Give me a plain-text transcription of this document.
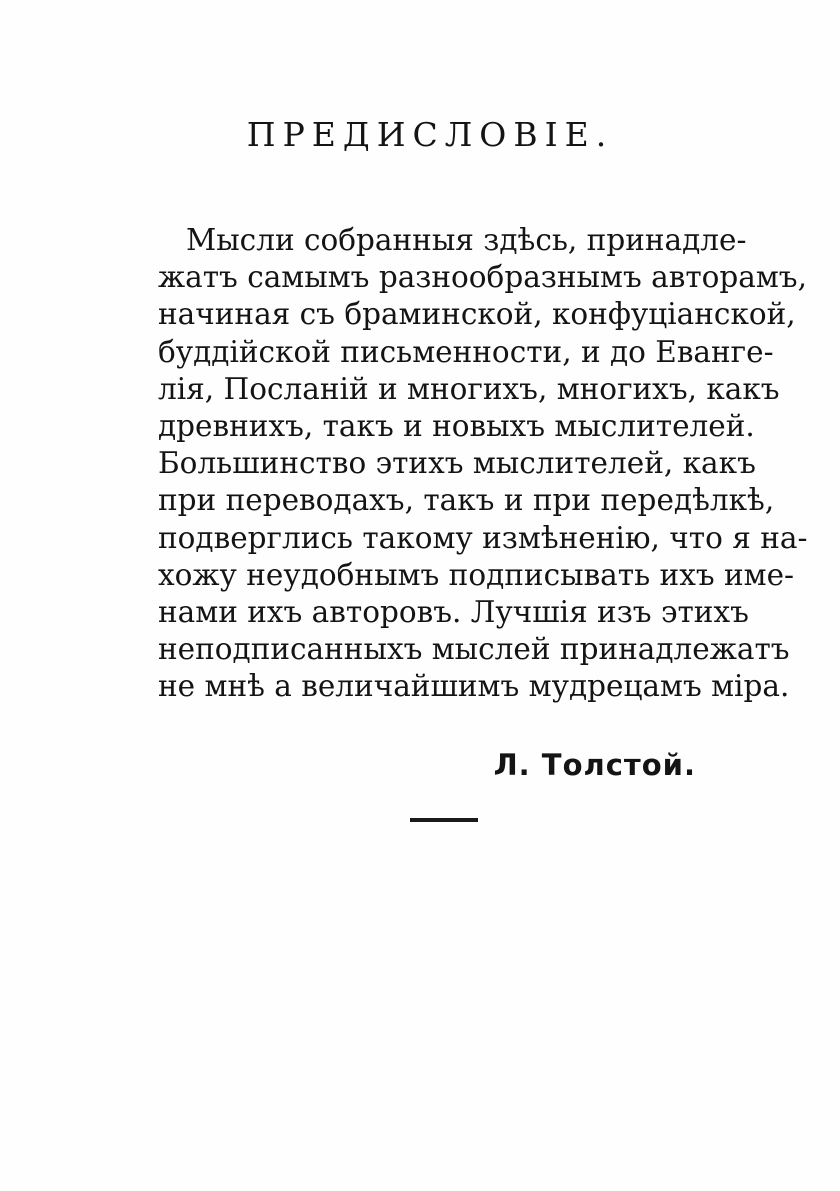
ПРЕДИСЛОВІЕ.
Мысли собранныя здѣсь, принадле-
жатъ самымъ разнообразнымъ авторамъ,
начиная съ браминской, конфуціанской,
буддійской письменности, и до Еванге-
лія, Посланій и многихъ, многихъ, какъ
древнихъ, такъ и новыхъ мыслителей.
Большинство этихъ мыслителей, какъ
при переводахъ, такъ и при передѣлкѣ,
подверглись такому измѣненію, что я на-
хожу неудобнымъ подписывать ихъ име-
нами ихъ авторовъ. Лучшія изъ этихъ
неподписанныхъ мыслей принадлежатъ
не мнѣ а величайшимъ мудрецамъ міра.
Л. Толстой.
